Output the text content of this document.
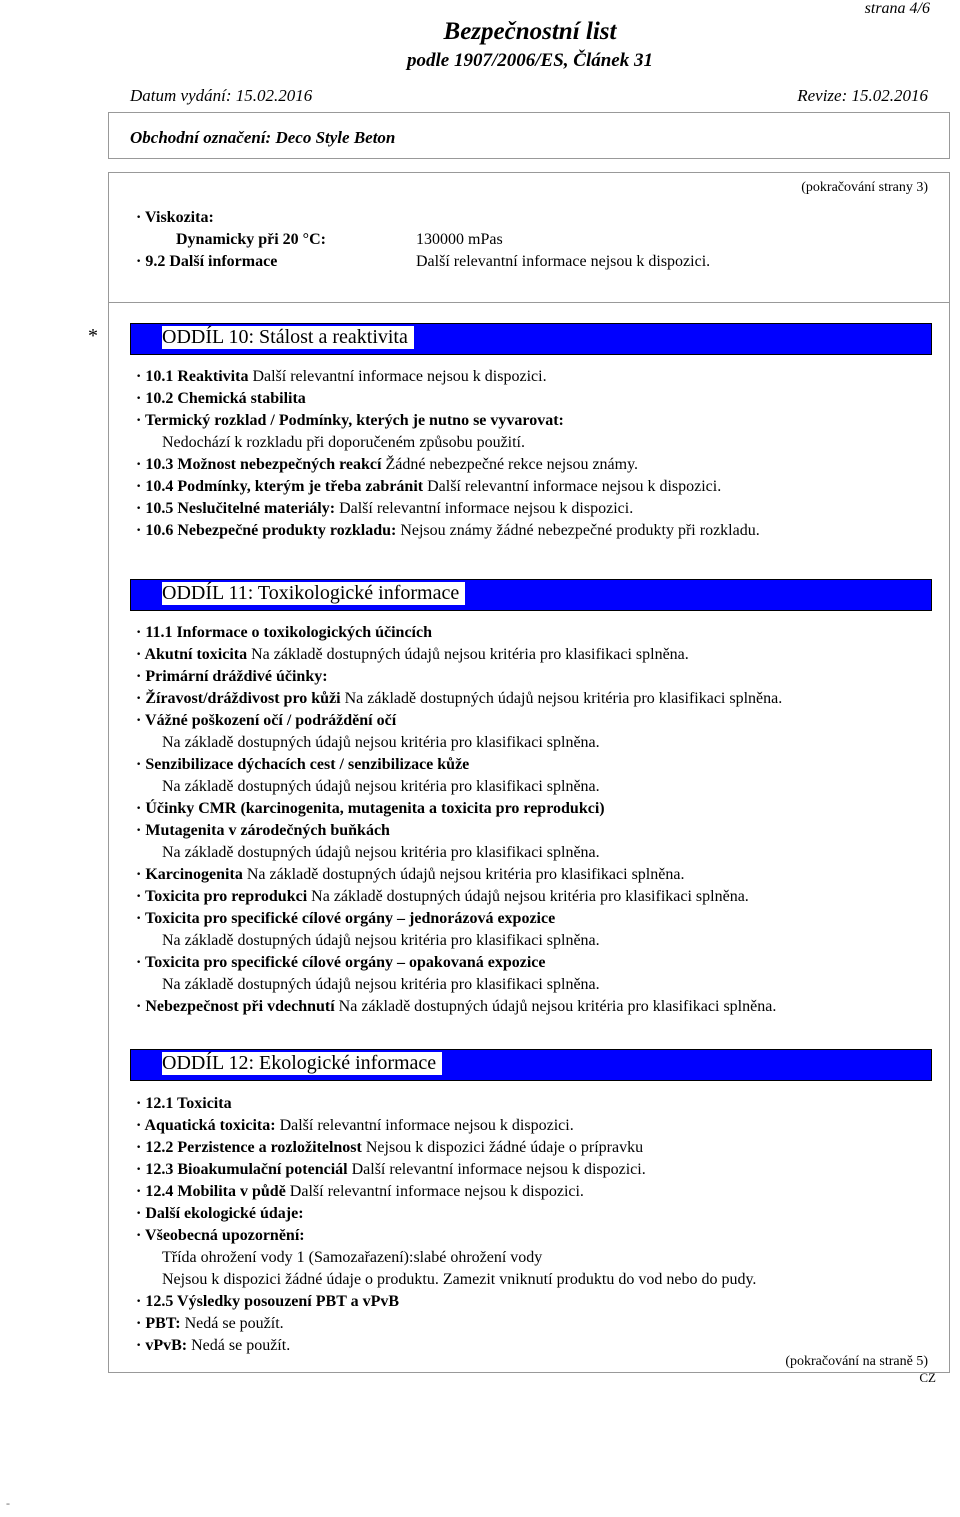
strana 4/6
Bezpečnostní list
podle 1907/2006/ES, Článek 31
Datum vydání: 15.02.2016	Revize: 15.02.2016
Obchodní označení: Deco Style Beton
(pokračování strany 3)
· Viskozita:
Dynamicky při 20 °C:	130000 mPas
· 9.2 Další informace	Další relevantní informace nejsou k dispozici.
*	ODDÍL 10: Stálost a reaktivita
· 10.1 Reaktivita Další relevantní informace nejsou k dispozici.
· 10.2 Chemická stabilita
· Termický rozklad / Podmínky, kterých je nutno se vyvarovat:
Nedochází k rozkladu při doporučeném způsobu použití.
· 10.3 Možnost nebezpečných reakcí Žádné nebezpečné rekce nejsou známy.
· 10.4 Podmínky, kterým je třeba zabránit Další relevantní informace nejsou k dispozici.
· 10.5 Neslučitelné materiály: Další relevantní informace nejsou k dispozici.
· 10.6 Nebezpečné produkty rozkladu: Nejsou známy žádné nebezpečné produkty při rozkladu.
ODDÍL 11: Toxikologické informace
· 11.1 Informace o toxikologických účincích
· Akutní toxicita Na základě dostupných údajů nejsou kritéria pro klasifikaci splněna.
· Primární dráždivé účinky:
· Žíravost/dráždivost pro kůži Na základě dostupných údajů nejsou kritéria pro klasifikaci splněna.
· Vážné poškození očí / podráždění očí
Na základě dostupných údajů nejsou kritéria pro klasifikaci splněna.
· Senzibilizace dýchacích cest / senzibilizace kůže
Na základě dostupných údajů nejsou kritéria pro klasifikaci splněna.
· Účinky CMR (karcinogenita, mutagenita a toxicita pro reprodukci)
· Mutagenita v zárodečných buňkách
Na základě dostupných údajů nejsou kritéria pro klasifikaci splněna.
· Karcinogenita Na základě dostupných údajů nejsou kritéria pro klasifikaci splněna.
· Toxicita pro reprodukci Na základě dostupných údajů nejsou kritéria pro klasifikaci splněna.
· Toxicita pro specifické cílové orgány – jednorázová expozice
Na základě dostupných údajů nejsou kritéria pro klasifikaci splněna.
· Toxicita pro specifické cílové orgány – opakovaná expozice
Na základě dostupných údajů nejsou kritéria pro klasifikaci splněna.
· Nebezpečnost při vdechnutí Na základě dostupných údajů nejsou kritéria pro klasifikaci splněna.
ODDÍL 12: Ekologické informace
· 12.1 Toxicita
· Aquatická toxicita: Další relevantní informace nejsou k dispozici.
· 12.2 Perzistence a rozložitelnost Nejsou k dispozici žádné údaje o prípravku
· 12.3 Bioakumulační potenciál Další relevantní informace nejsou k dispozici.
· 12.4 Mobilita v půdě Další relevantní informace nejsou k dispozici.
· Další ekologické údaje:
· Všeobecná upozornění:
Třída ohrožení vody 1 (Samozařazení):slabé ohrožení vody
Nejsou k dispozici žádné údaje o produktu. Zamezit vniknutí produktu do vod nebo do pudy.
· 12.5 Výsledky posouzení PBT a vPvB
· PBT: Nedá se použít.
· vPvB: Nedá se použít.
(pokračování na straně 5)
CZ
-
